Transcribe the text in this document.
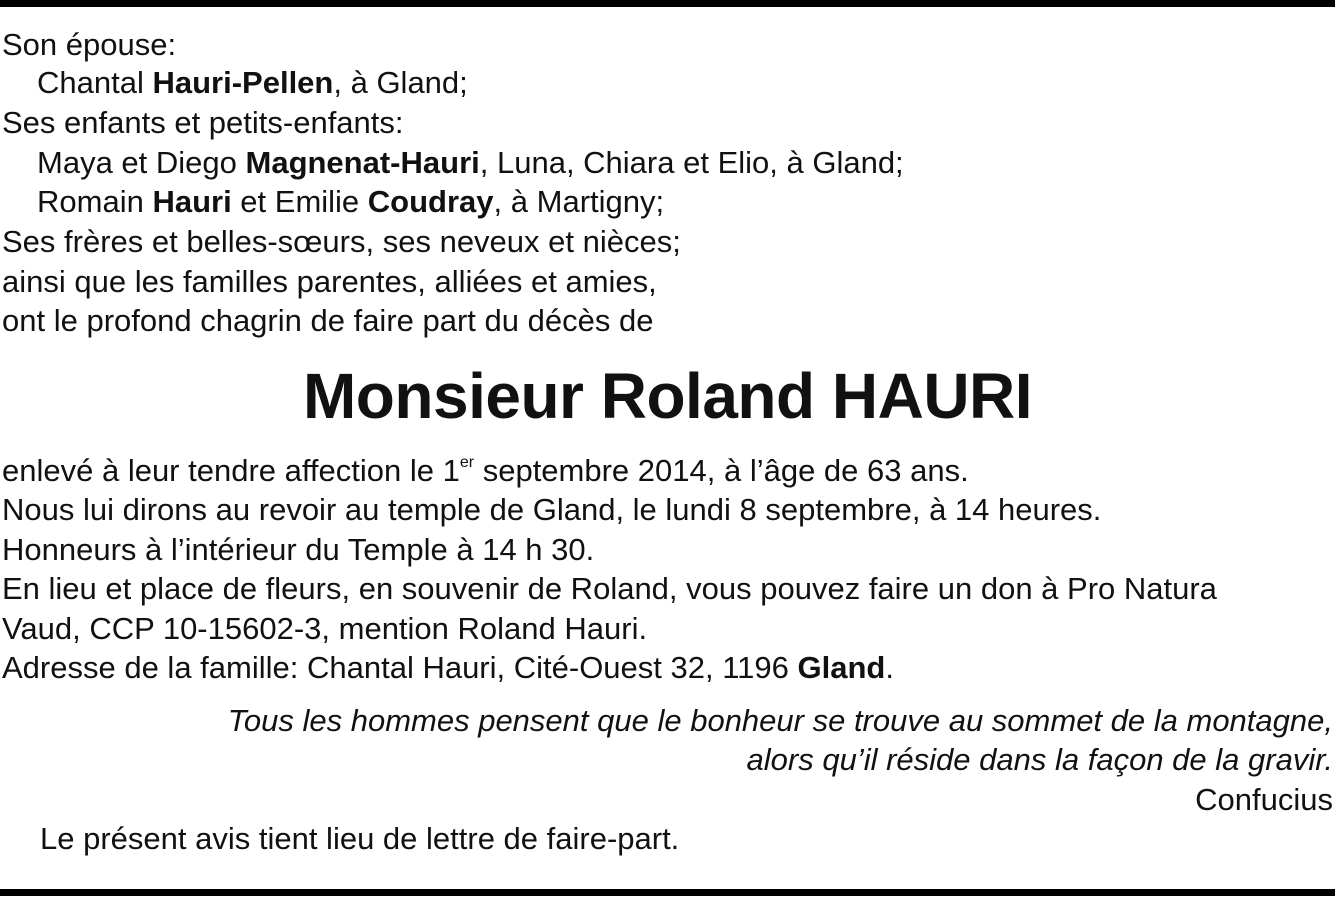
Son épouse:
Chantal Hauri-Pellen, à Gland;
Ses enfants et petits-enfants:
Maya et Diego Magnenat-Hauri, Luna, Chiara et Elio, à Gland;
Romain Hauri et Emilie Coudray, à Martigny;
Ses frères et belles-sœurs, ses neveux et nièces;
ainsi que les familles parentes, alliées et amies,
ont le profond chagrin de faire part du décès de
Monsieur Roland HAURI
enlevé à leur tendre affection le 1er septembre 2014, à l’âge de 63 ans.
Nous lui dirons au revoir au temple de Gland, le lundi 8 septembre, à 14 heures.
Honneurs à l’intérieur du Temple à 14 h 30.
En lieu et place de fleurs, en souvenir de Roland, vous pouvez faire un don à Pro Natura
Vaud, CCP 10-15602-3, mention Roland Hauri.
Adresse de la famille: Chantal Hauri, Cité-Ouest 32, 1196 Gland.
Tous les hommes pensent que le bonheur se trouve au sommet de la montagne,
alors qu’il réside dans la façon de la gravir.
Confucius
Le présent avis tient lieu de lettre de faire-part.
